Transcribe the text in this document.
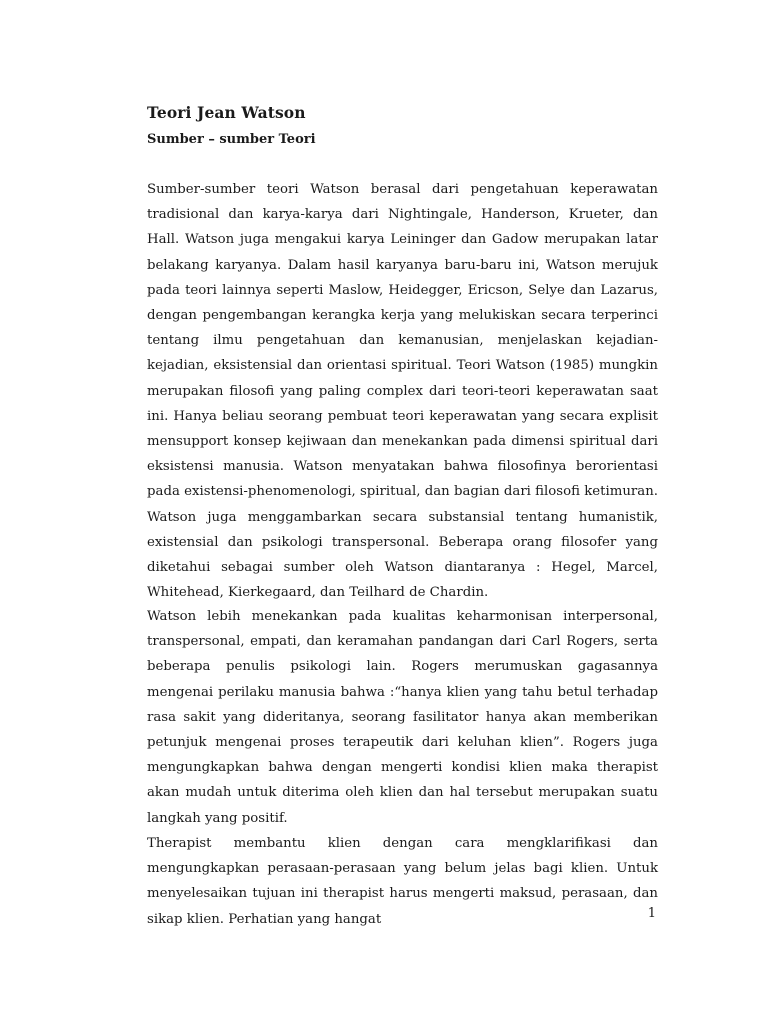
Teori Jean Watson
Sumber – sumber Teori

Sumber-sumber teori Watson berasal dari pengetahuan keperawatan tradisional dan karya-karya dari Nightingale, Handerson, Krueter, dan Hall. Watson juga mengakui karya Leininger dan Gadow merupakan latar belakang karyanya. Dalam hasil karyanya baru-baru ini, Watson merujuk pada teori lainnya seperti Maslow, Heidegger, Ericson, Selye dan Lazarus, dengan pengembangan kerangka kerja yang melukiskan secara terperinci tentang ilmu pengetahuan dan kemanusian, menjelaskan kejadian-kejadian, eksistensial dan orientasi spiritual. Teori Watson (1985) mungkin merupakan filosofi yang paling complex dari teori-teori keperawatan saat ini. Hanya beliau seorang pembuat teori keperawatan yang secara explisit mensupport konsep kejiwaan dan menekankan pada dimensi spiritual dari eksistensi manusia. Watson menyatakan bahwa filosofinya berorientasi pada existensi-phenomenologi, spiritual, dan bagian dari filosofi ketimuran. Watson juga menggambarkan secara substansial tentang humanistik, existensial dan psikologi transpersonal. Beberapa orang filosofer yang diketahui sebagai sumber oleh Watson diantaranya : Hegel, Marcel, Whitehead, Kierkegaard, dan Teilhard de Chardin.

Watson lebih menekankan pada kualitas keharmonisan interpersonal, transpersonal, empati, dan keramahan pandangan dari Carl Rogers, serta beberapa penulis psikologi lain. Rogers merumuskan gagasannya mengenai perilaku manusia bahwa :“hanya klien yang tahu betul terhadap rasa sakit yang dideritanya, seorang fasilitator hanya akan memberikan petunjuk mengenai proses terapeutik dari keluhan klien”. Rogers juga mengungkapkan bahwa dengan mengerti kondisi klien maka therapist akan mudah untuk diterima oleh klien dan hal tersebut merupakan suatu langkah yang positif.

Therapist membantu klien dengan cara mengklarifikasi dan mengungkapkan perasaan-perasaan yang belum jelas bagi klien. Untuk menyelesaikan tujuan ini therapist harus mengerti maksud, perasaan, dan sikap klien. Perhatian yang hangat	1
